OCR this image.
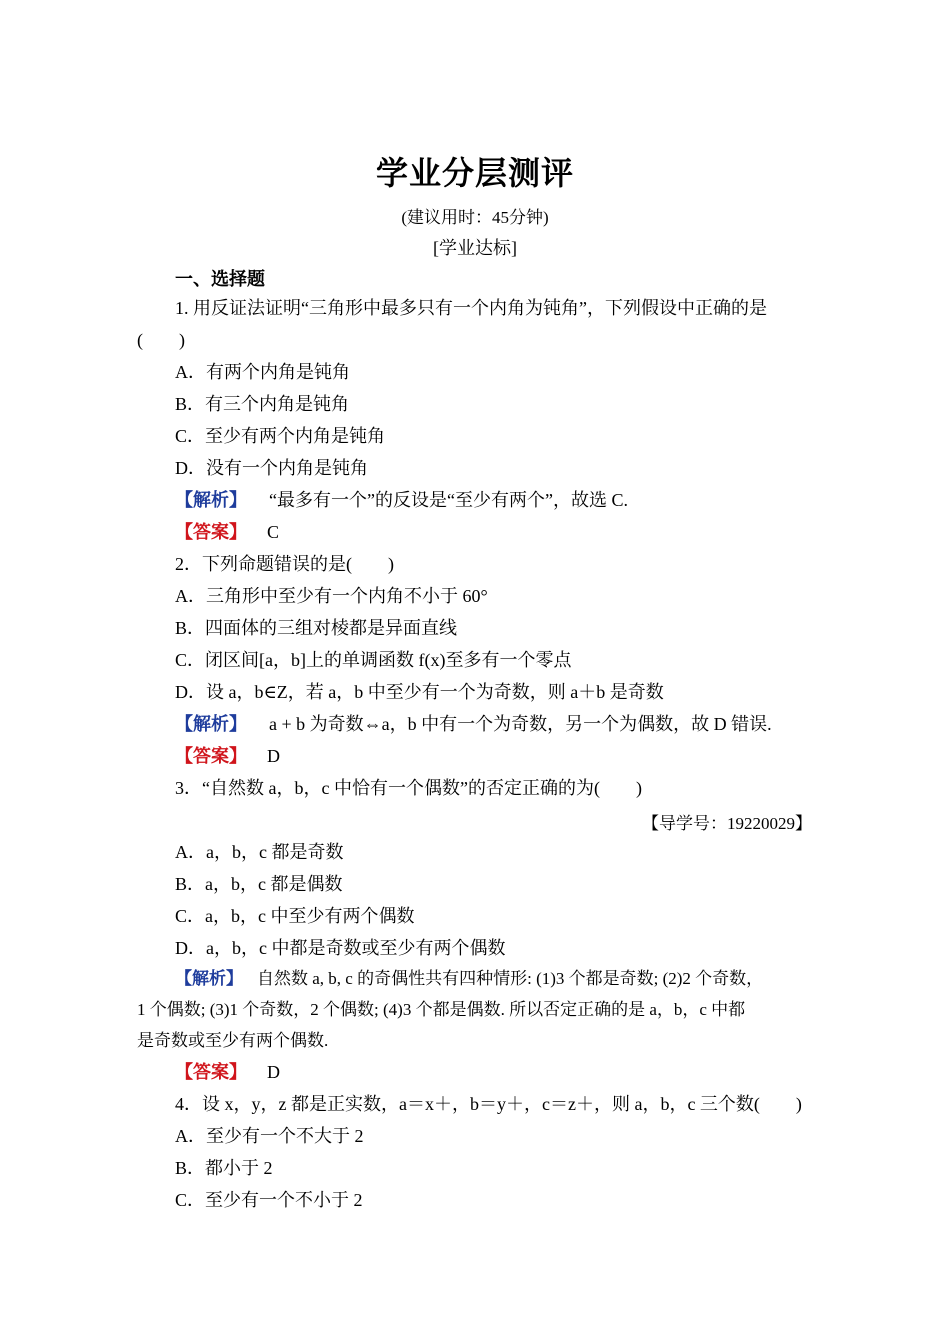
学业分层测评
(建议用时：45分钟)
[学业达标]
一、选择题
1. 用反证法证明“三角形中最多只有一个内角为钝角”，下列假设中正确的是
(　　)
A．有两个内角是钝角
B．有三个内角是钝角
C．至少有两个内角是钝角
D．没有一个内角是钝角
【解析】 “最多有一个”的反设是“至少有两个”，故选 C.
【答案】 C
2．下列命题错误的是(　　)
A．三角形中至少有一个内角不小于 60°
B．四面体的三组对棱都是异面直线
C．闭区间[a，b]上的单调函数 f(x)至多有一个零点
D．设 a，b∈Z，若 a，b 中至少有一个为奇数，则 a＋b 是奇数
【解析】 a + b 为奇数⇔a，b 中有一个为奇数，另一个为偶数，故 D 错误.
【答案】 D
3．“自然数 a，b，c 中恰有一个偶数”的否定正确的为(　　)
【导学号：19220029】
A．a，b，c 都是奇数
B．a，b，c 都是偶数
C．a，b，c 中至少有两个偶数
D．a，b，c 中都是奇数或至少有两个偶数
【解析】 自然数 a, b, c 的奇偶性共有四种情形: (1)3 个都是奇数; (2)2 个奇数，
1 个偶数; (3)1 个奇数，2 个偶数; (4)3 个都是偶数. 所以否定正确的是 a，b，c 中都
是奇数或至少有两个偶数.
【答案】 D
4．设 x，y，z 都是正实数，a＝x＋，b＝y＋，c＝z＋，则 a，b，c 三个数(　　)
A．至少有一个不大于 2
B．都小于 2
C．至少有一个不小于 2
